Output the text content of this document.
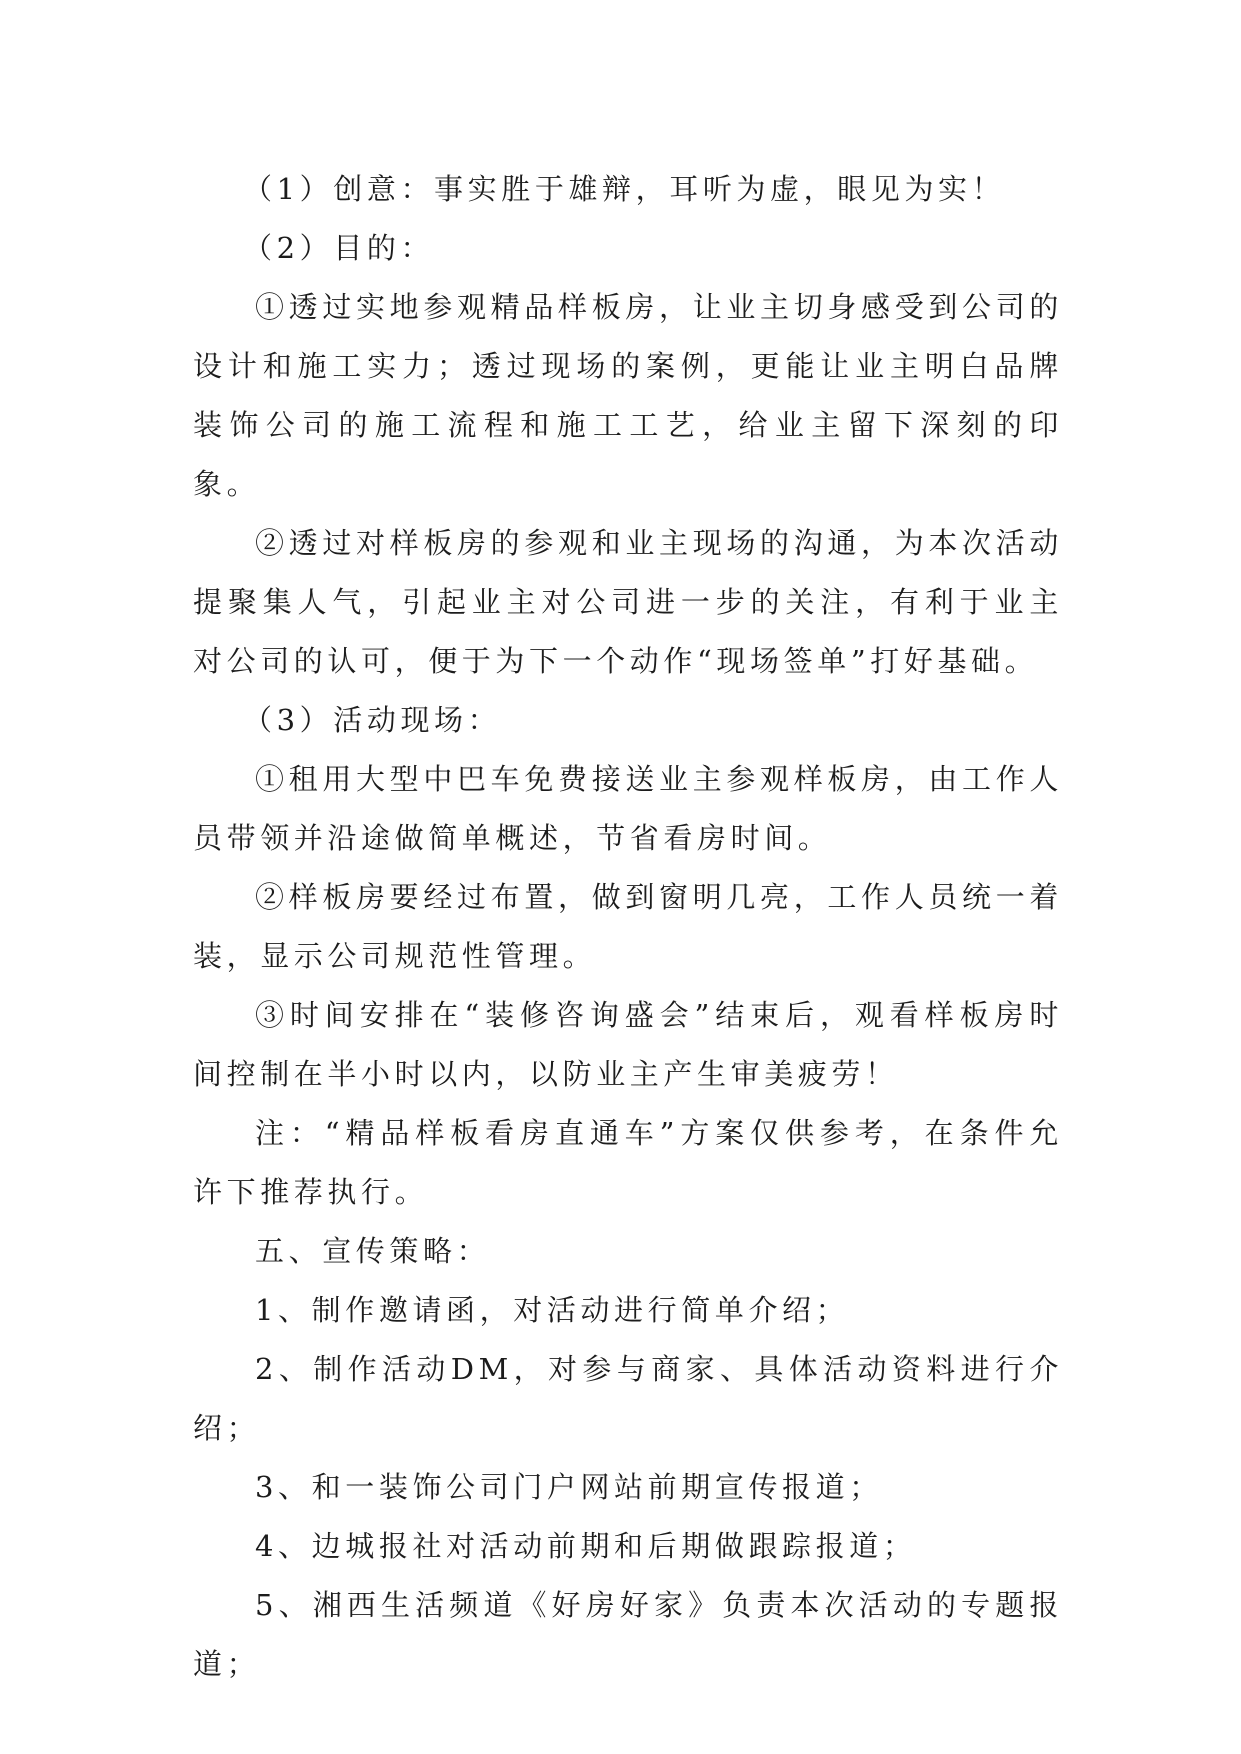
（1）创意：事实胜于雄辩，耳听为虚，眼见为实！

（2）目的：

①透过实地参观精品样板房，让业主切身感受到公司的设计和施工实力；透过现场的案例，更能让业主明白品牌装饰公司的施工流程和施工工艺，给业主留下深刻的印象。

②透过对样板房的参观和业主现场的沟通，为本次活动提聚集人气，引起业主对公司进一步的关注，有利于业主对公司的认可，便于为下一个动作“现场签单”打好基础。

（3）活动现场：

①租用大型中巴车免费接送业主参观样板房，由工作人员带领并沿途做简单概述，节省看房时间。

②样板房要经过布置，做到窗明几亮，工作人员统一着装，显示公司规范性管理。

③时间安排在“装修咨询盛会”结束后，观看样板房时间控制在半小时以内，以防业主产生审美疲劳！

注：“精品样板看房直通车”方案仅供参考，在条件允许下推荐执行。

五、宣传策略：

1、制作邀请函，对活动进行简单介绍；

2、制作活动DM，对参与商家、具体活动资料进行介绍；

3、和一装饰公司门户网站前期宣传报道；

4、边城报社对活动前期和后期做跟踪报道；

5、湘西生活频道《好房好家》负责本次活动的专题报道；
